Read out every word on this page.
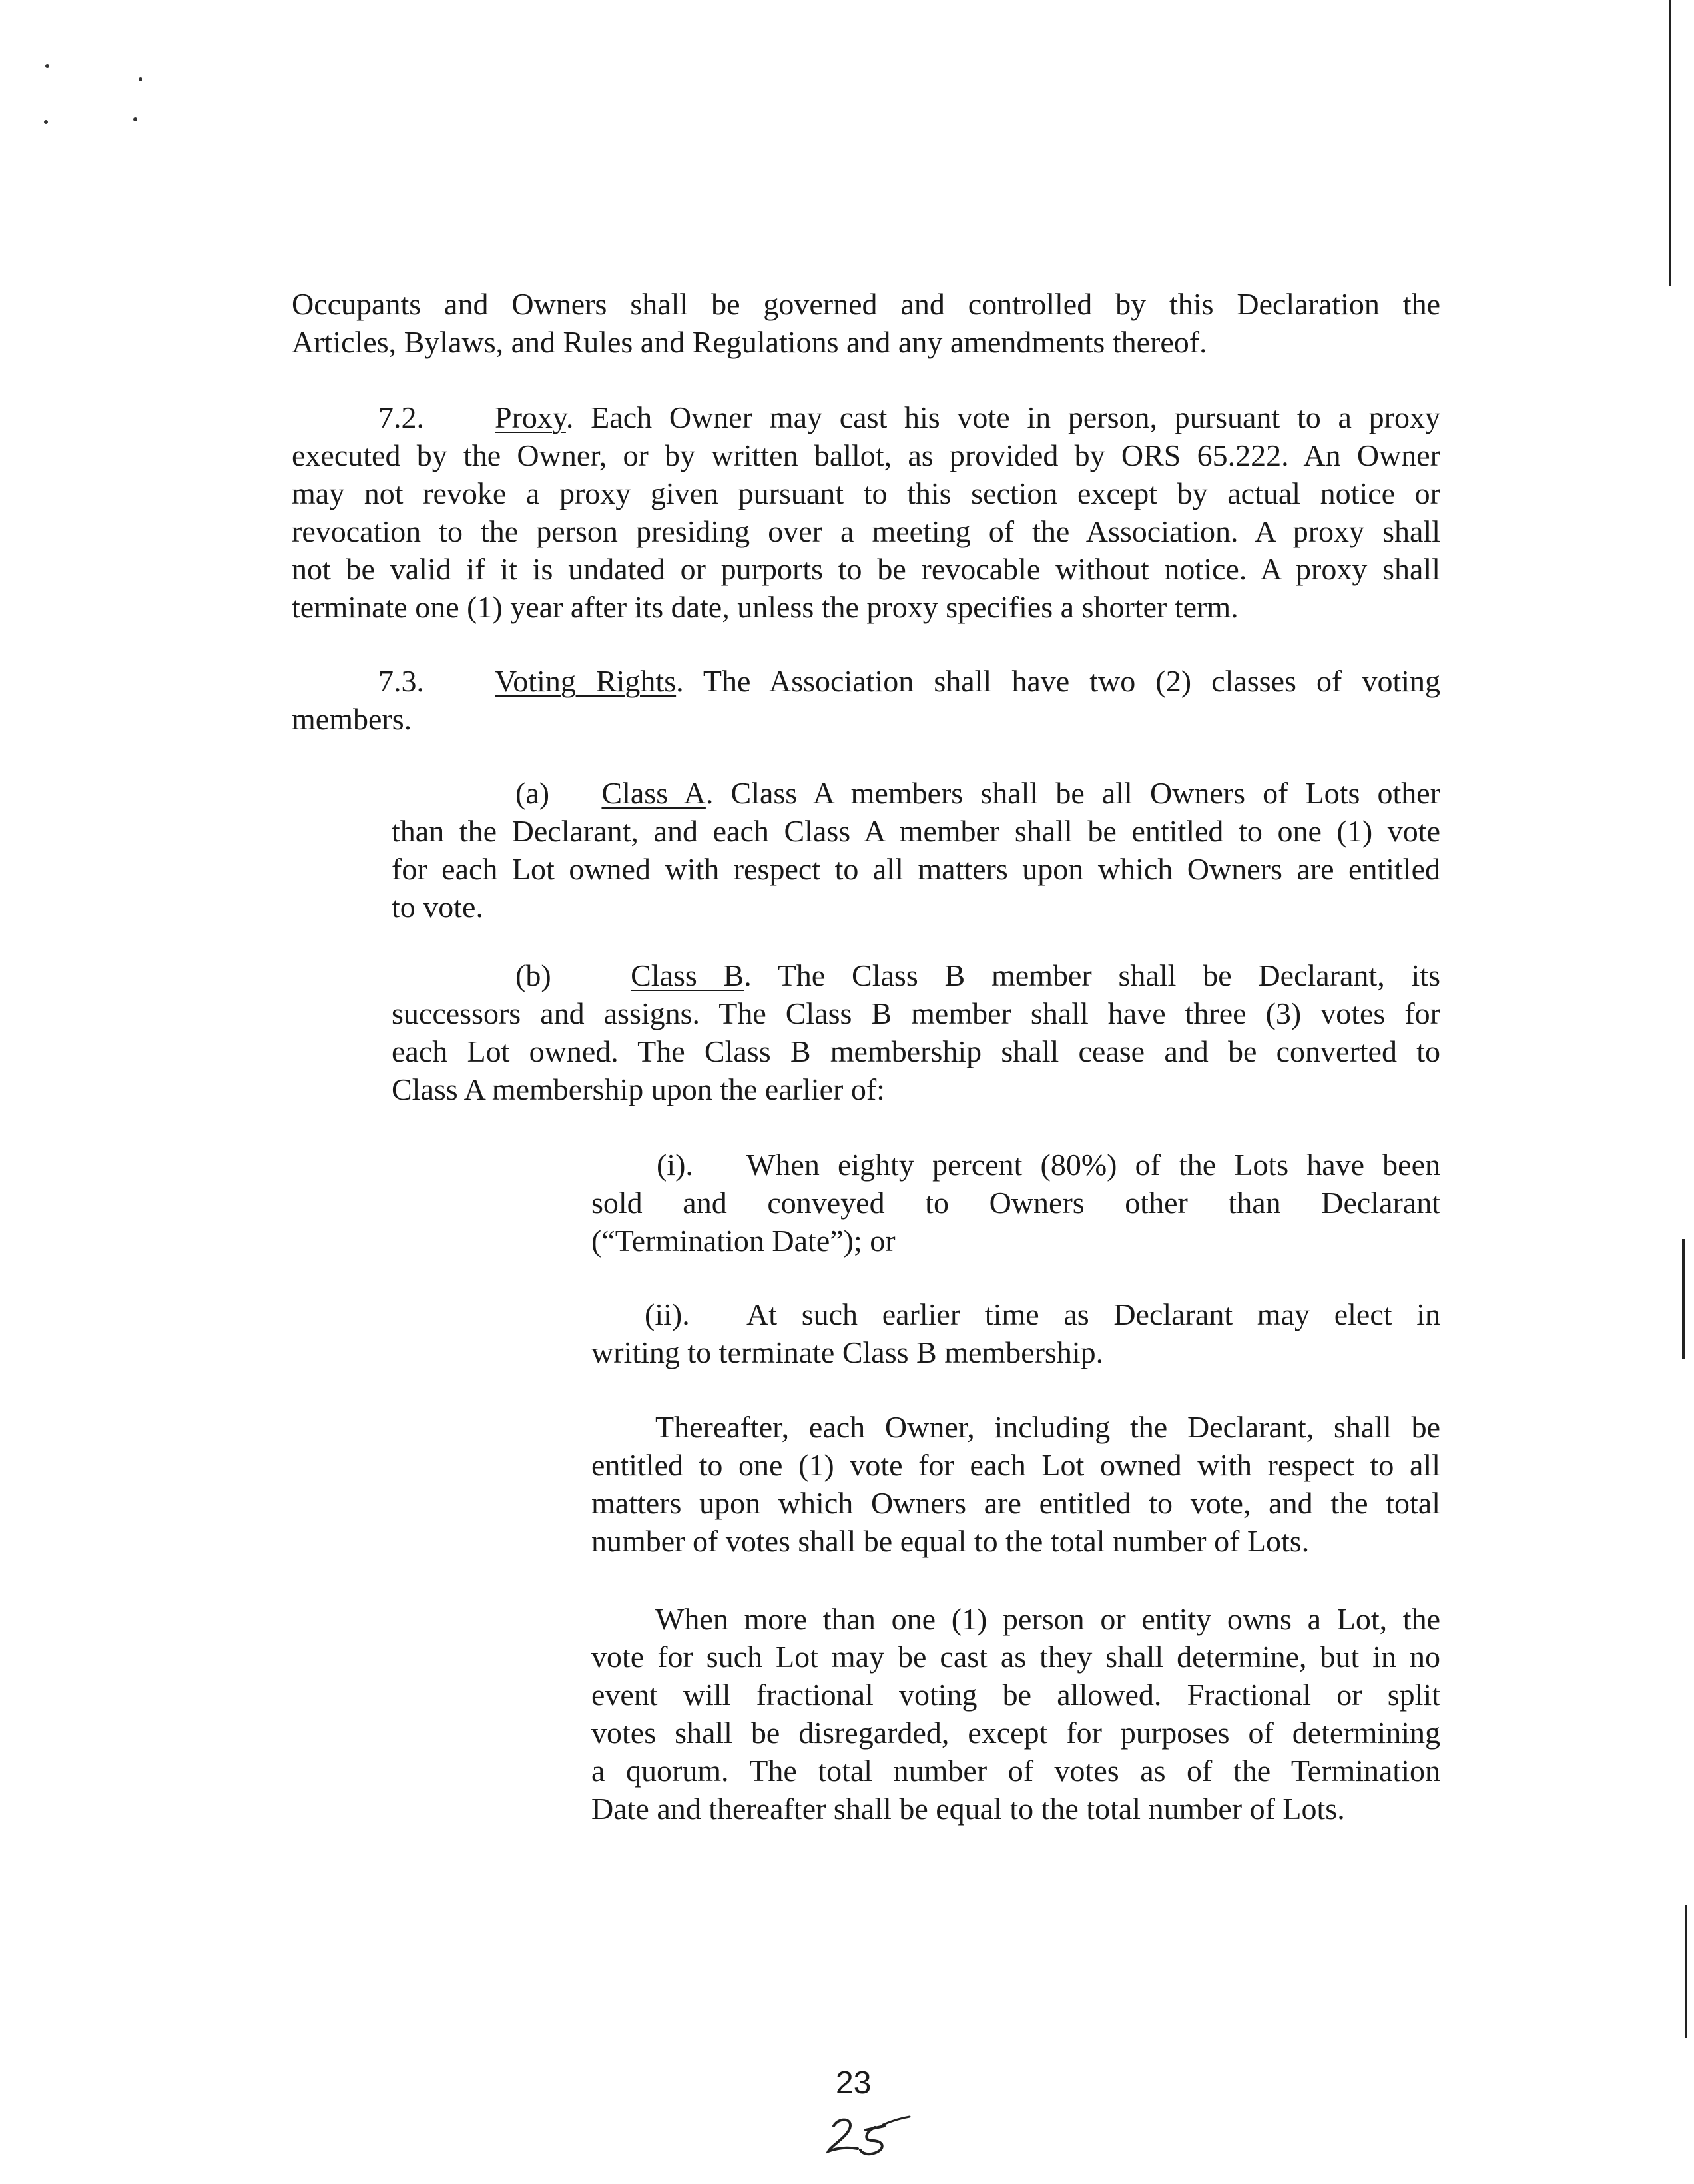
Occupants and Owners shall be governed and controlled by this Declaration the
Articles, Bylaws, and Rules and Regulations and any amendments thereof.
7.2. Proxy. Each Owner may cast his vote in person, pursuant to a proxy
executed by the Owner, or by written ballot, as provided by ORS 65.222. An Owner
may not revoke a proxy given pursuant to this section except by actual notice or
revocation to the person presiding over a meeting of the Association. A proxy shall
not be valid if it is undated or purports to be revocable without notice. A proxy shall
terminate one (1) year after its date, unless the proxy specifies a shorter term.
7.3. Voting Rights. The Association shall have two (2) classes of voting
members.
(a) Class A. Class A members shall be all Owners of Lots other
than the Declarant, and each Class A member shall be entitled to one (1) vote
for each Lot owned with respect to all matters upon which Owners are entitled
to vote.
(b)	Class B. The Class B member shall be Declarant, its
successors and assigns. The Class B member shall have three (3) votes for
each Lot owned. The Class B membership shall cease and be converted to
Class A membership upon the earlier of:
(i). When eighty percent (80%) of the Lots have been
sold and conveyed to Owners other than Declarant
(“Termination Date”); or
(ii). At such earlier time as Declarant may elect in
writing to terminate Class B membership.
Thereafter, each Owner, including the Declarant, shall be
entitled to one (1) vote for each Lot owned with respect to all
matters upon which Owners are entitled to vote, and the total
number of votes shall be equal to the total number of Lots.
When more than one (1) person or entity owns a Lot, the
vote for such Lot may be cast as they shall determine, but in no
event will fractional voting be allowed. Fractional or split
votes shall be disregarded, except for purposes of determining
a quorum. The total number of votes as of the Termination
Date and thereafter shall be equal to the total number of Lots.
23
